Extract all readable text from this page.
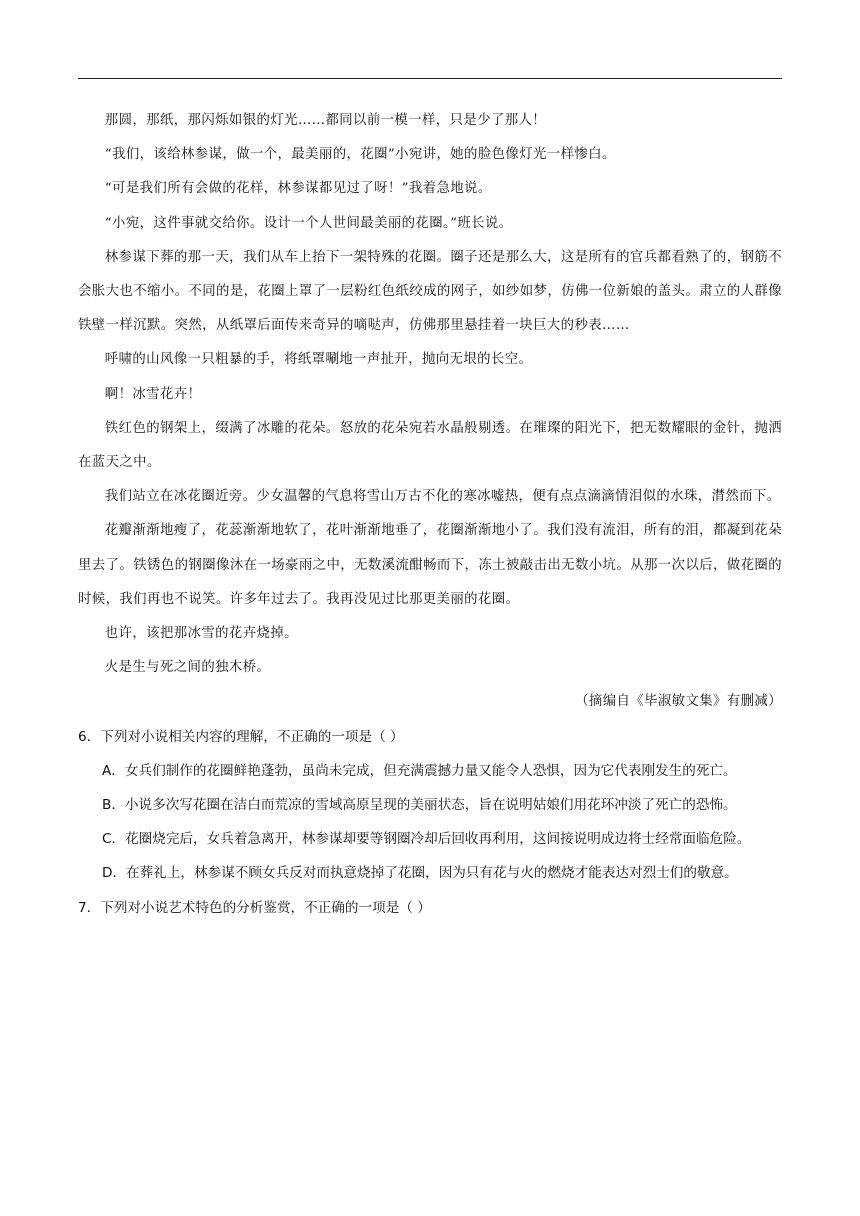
那圆，那纸，那闪烁如银的灯光……都同以前一模一样，只是少了那人！

“我们，该给林参谋，做一个，最美丽的，花圈”小宛讲，她的脸色像灯光一样惨白。

“可是我们所有会做的花样，林参谋都见过了呀！”我着急地说。

“小宛，这件事就交给你。设计一个人世间最美丽的花圈。”班长说。

林参谋下葬的那一天，我们从车上抬下一架特殊的花圈。圈子还是那么大，这是所有的官兵都看熟了的，钢筋不会胀大也不缩小。不同的是，花圈上罩了一层粉红色纸绞成的网子，如纱如梦，仿佛一位新娘的盖头。肃立的人群像铁壁一样沉默。突然，从纸罩后面传来奇异的嘀哒声，仿佛那里悬挂着一块巨大的秒表……

呼啸的山风像一只粗暴的手，将纸罩唰地一声扯开，抛向无垠的长空。

啊！冰雪花卉！

铁红色的钢架上，缀满了冰雕的花朵。怒放的花朵宛若水晶般剔透。在璀璨的阳光下，把无数耀眼的金针，抛洒在蓝天之中。

我们站立在冰花圈近旁。少女温馨的气息将雪山万古不化的寒冰嘘热，便有点点滴滴情泪似的水珠，潸然而下。

花瓣渐渐地瘦了，花蕊渐渐地软了，花叶渐渐地垂了，花圈渐渐地小了。我们没有流泪，所有的泪，都凝到花朵里去了。铁锈色的钢圈像沐在一场豪雨之中，无数溪流酣畅而下，冻土被敲击出无数小坑。从那一次以后，做花圈的时候，我们再也不说笑。许多年过去了。我再没见过比那更美丽的花圈。

也许，该把那冰雪的花卉烧掉。

火是生与死之间的独木桥。

（摘编自《毕淑敏文集》有删减）

6．下列对小说相关内容的理解，不正确的一项是（ ）

A．女兵们制作的花圈鲜艳蓬勃，虽尚未完成，但充满震撼力量又能令人恐惧，因为它代表刚发生的死亡。

B．小说多次写花圈在洁白而荒凉的雪域高原呈现的美丽状态，旨在说明姑娘们用花环冲淡了死亡的恐怖。

C．花圈烧完后，女兵着急离开，林参谋却要等钢圈冷却后回收再利用，这间接说明成边将士经常面临危险。

D．在葬礼上，林参谋不顾女兵反对而执意烧掉了花圈，因为只有花与火的燃烧才能表达对烈士们的敬意。

7．下列对小说艺术特色的分析鉴赏，不正确的一项是（ ）
